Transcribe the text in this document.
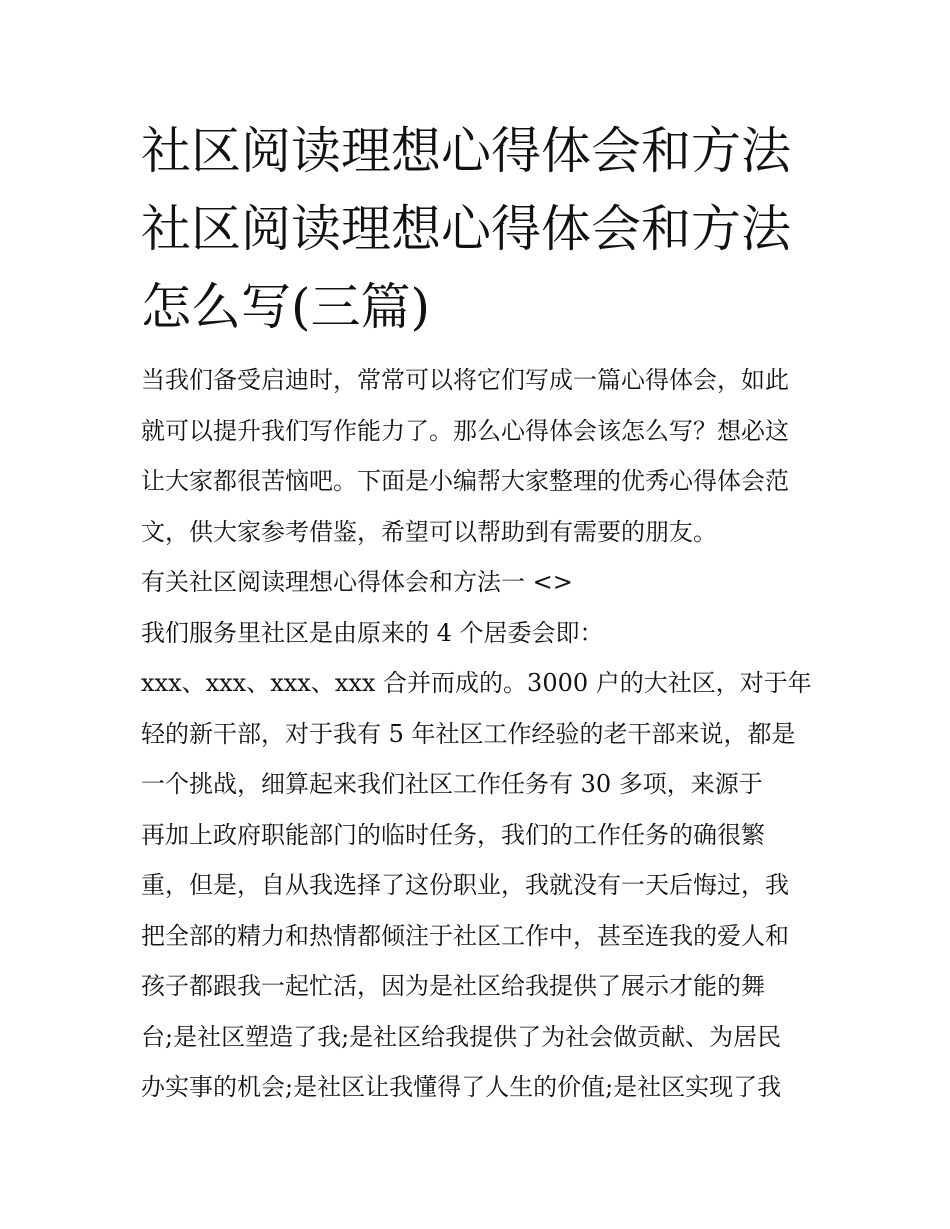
社区阅读理想心得体会和方法
社区阅读理想心得体会和方法
怎么写(三篇)
当我们备受启迪时，常常可以将它们写成一篇心得体会，如此
就可以提升我们写作能力了。那么心得体会该怎么写？想必这
让大家都很苦恼吧。下面是小编帮大家整理的优秀心得体会范
文，供大家参考借鉴，希望可以帮助到有需要的朋友。
有关社区阅读理想心得体会和方法一 <>
我们服务里社区是由原来的 4 个居委会即：
xxx、xxx、xxx、xxx 合并而成的。3000 户的大社区，对于年
轻的新干部，对于我有 5 年社区工作经验的老干部来说，都是
一个挑战，细算起来我们社区工作任务有 30 多项，来源于
再加上政府职能部门的临时任务，我们的工作任务的确很繁
重，但是，自从我选择了这份职业，我就没有一天后悔过，我
把全部的精力和热情都倾注于社区工作中，甚至连我的爱人和
孩子都跟我一起忙活，因为是社区给我提供了展示才能的舞
台;是社区塑造了我;是社区给我提供了为社会做贡献、为居民
办实事的机会;是社区让我懂得了人生的价值;是社区实现了我
